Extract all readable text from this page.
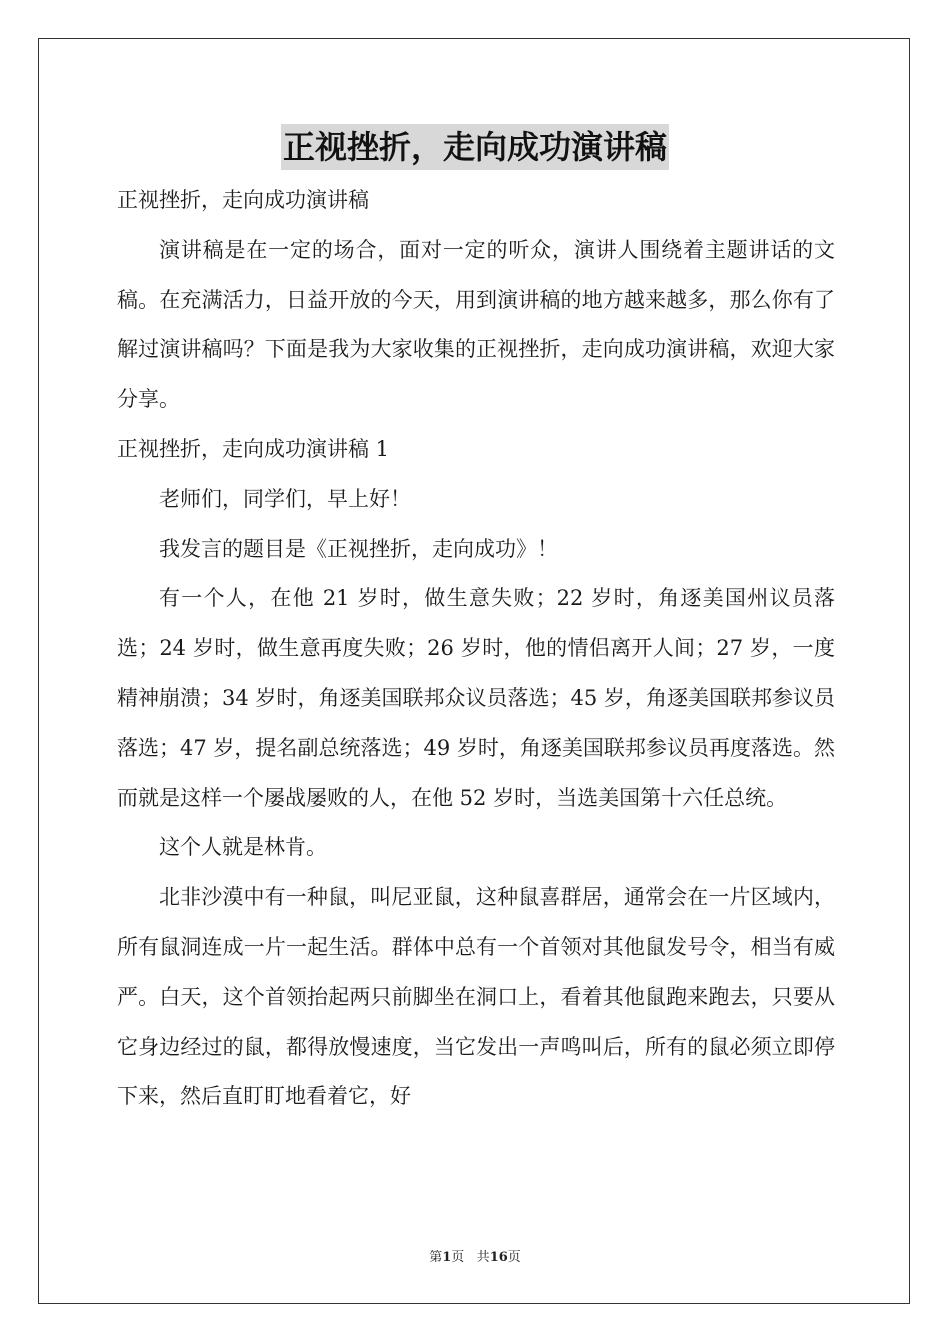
正视挫折，走向成功演讲稿

正视挫折，走向成功演讲稿

演讲稿是在一定的场合，面对一定的听众，演讲人围绕着主题讲话的文稿。在充满活力，日益开放的今天，用到演讲稿的地方越来越多，那么你有了解过演讲稿吗？下面是我为大家收集的正视挫折，走向成功演讲稿，欢迎大家分享。

正视挫折，走向成功演讲稿 1

老师们，同学们，早上好！

我发言的题目是《正视挫折，走向成功》！

有一个人，在他 21 岁时，做生意失败；22 岁时，角逐美国州议员落选；24 岁时，做生意再度失败；26 岁时，他的情侣离开人间；27 岁，一度精神崩溃；34 岁时，角逐美国联邦众议员落选；45 岁，角逐美国联邦参议员落选；47 岁，提名副总统落选；49 岁时，角逐美国联邦参议员再度落选。然而就是这样一个屡战屡败的人，在他 52 岁时，当选美国第十六任总统。

这个人就是林肯。

北非沙漠中有一种鼠，叫尼亚鼠，这种鼠喜群居，通常会在一片区域内，所有鼠洞连成一片一起生活。群体中总有一个首领对其他鼠发号令，相当有威严。白天，这个首领抬起两只前脚坐在洞口上，看着其他鼠跑来跑去，只要从它身边经过的鼠，都得放慢速度，当它发出一声鸣叫后，所有的鼠必须立即停下来，然后直盯盯地看着它，好

第1页 共16页
